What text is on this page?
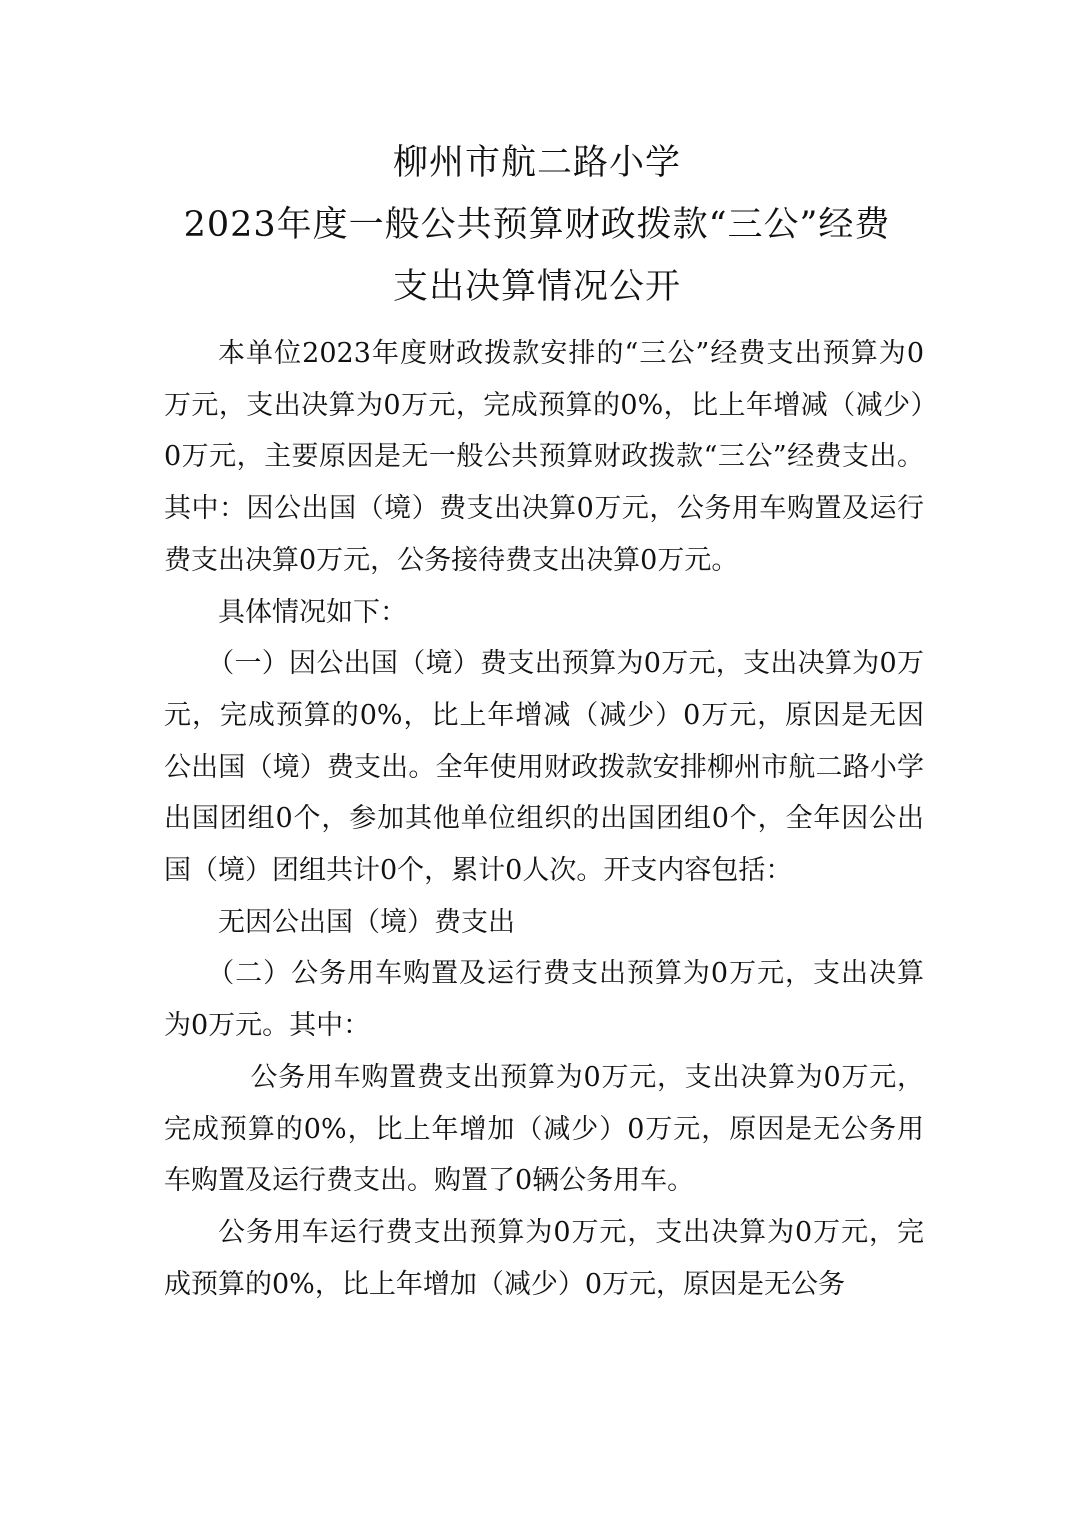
柳州市航二路小学
2023年度一般公共预算财政拨款“三公”经费
支出决算情况公开

本单位2023年度财政拨款安排的“三公”经费支出预算为0万元，支出决算为0万元，完成预算的0%，比上年增减（减少）0万元，主要原因是无一般公共预算财政拨款“三公”经费支出。其中：因公出国（境）费支出决算0万元，公务用车购置及运行费支出决算0万元，公务接待费支出决算0万元。

具体情况如下：

（一）因公出国（境）费支出预算为0万元，支出决算为0万元，完成预算的0%，比上年增减（减少）0万元，原因是无因公出国（境）费支出。全年使用财政拨款安排柳州市航二路小学出国团组0个，参加其他单位组织的出国团组0个，全年因公出国（境）团组共计0个，累计0人次。开支内容包括：

无因公出国（境）费支出

（二）公务用车购置及运行费支出预算为0万元，支出决算为0万元。其中：

公务用车购置费支出预算为0万元，支出决算为0万元，完成预算的0%，比上年增加（减少）0万元，原因是无公务用车购置及运行费支出。购置了0辆公务用车。

公务用车运行费支出预算为0万元，支出决算为0万元，完成预算的0%，比上年增加（减少）0万元，原因是无公务
